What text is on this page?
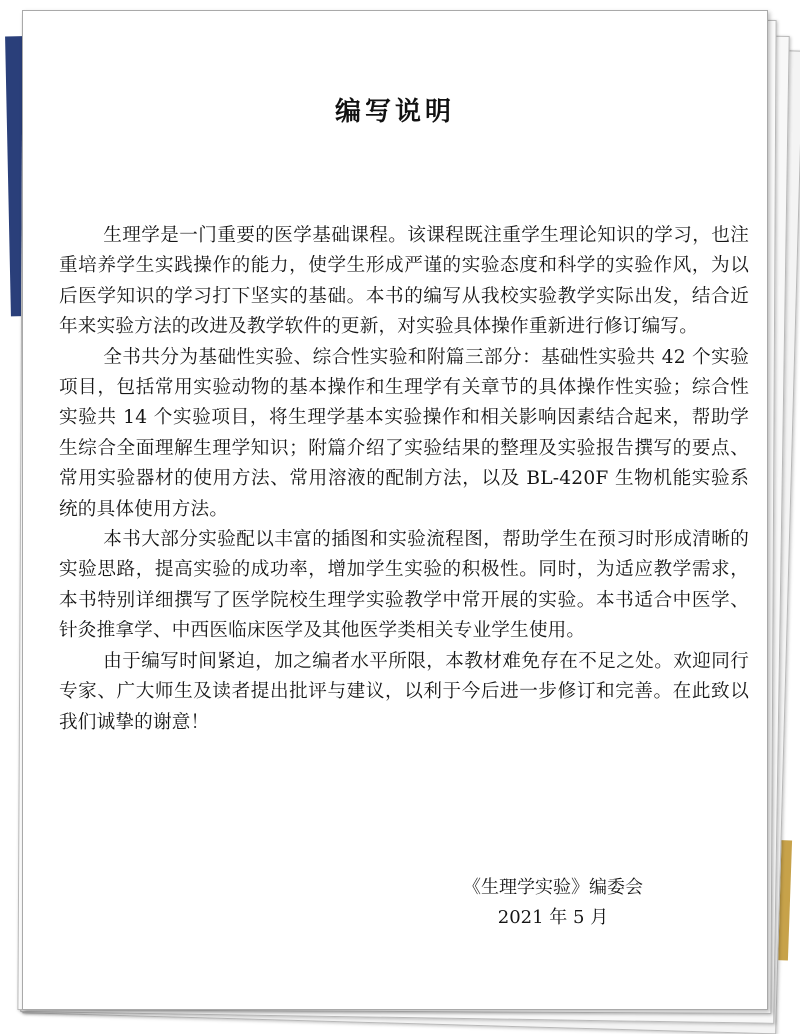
编写说明

生理学是一门重要的医学基础课程。该课程既注重学生理论知识的学习，也注重培养学生实践操作的能力，使学生形成严谨的实验态度和科学的实验作风，为以后医学知识的学习打下坚实的基础。本书的编写从我校实验教学实际出发，结合近年来实验方法的改进及教学软件的更新，对实验具体操作重新进行修订编写。

全书共分为基础性实验、综合性实验和附篇三部分：基础性实验共 42 个实验项目，包括常用实验动物的基本操作和生理学有关章节的具体操作性实验；综合性实验共 14 个实验项目，将生理学基本实验操作和相关影响因素结合起来，帮助学生综合全面理解生理学知识；附篇介绍了实验结果的整理及实验报告撰写的要点、常用实验器材的使用方法、常用溶液的配制方法，以及 BL-420F 生物机能实验系统的具体使用方法。

本书大部分实验配以丰富的插图和实验流程图，帮助学生在预习时形成清晰的实验思路，提高实验的成功率，增加学生实验的积极性。同时，为适应教学需求，本书特别详细撰写了医学院校生理学实验教学中常开展的实验。本书适合中医学、针灸推拿学、中西医临床医学及其他医学类相关专业学生使用。

由于编写时间紧迫，加之编者水平所限，本教材难免存在不足之处。欢迎同行专家、广大师生及读者提出批评与建议，以利于今后进一步修订和完善。在此致以我们诚挚的谢意！

《生理学实验》编委会
2021 年 5 月
